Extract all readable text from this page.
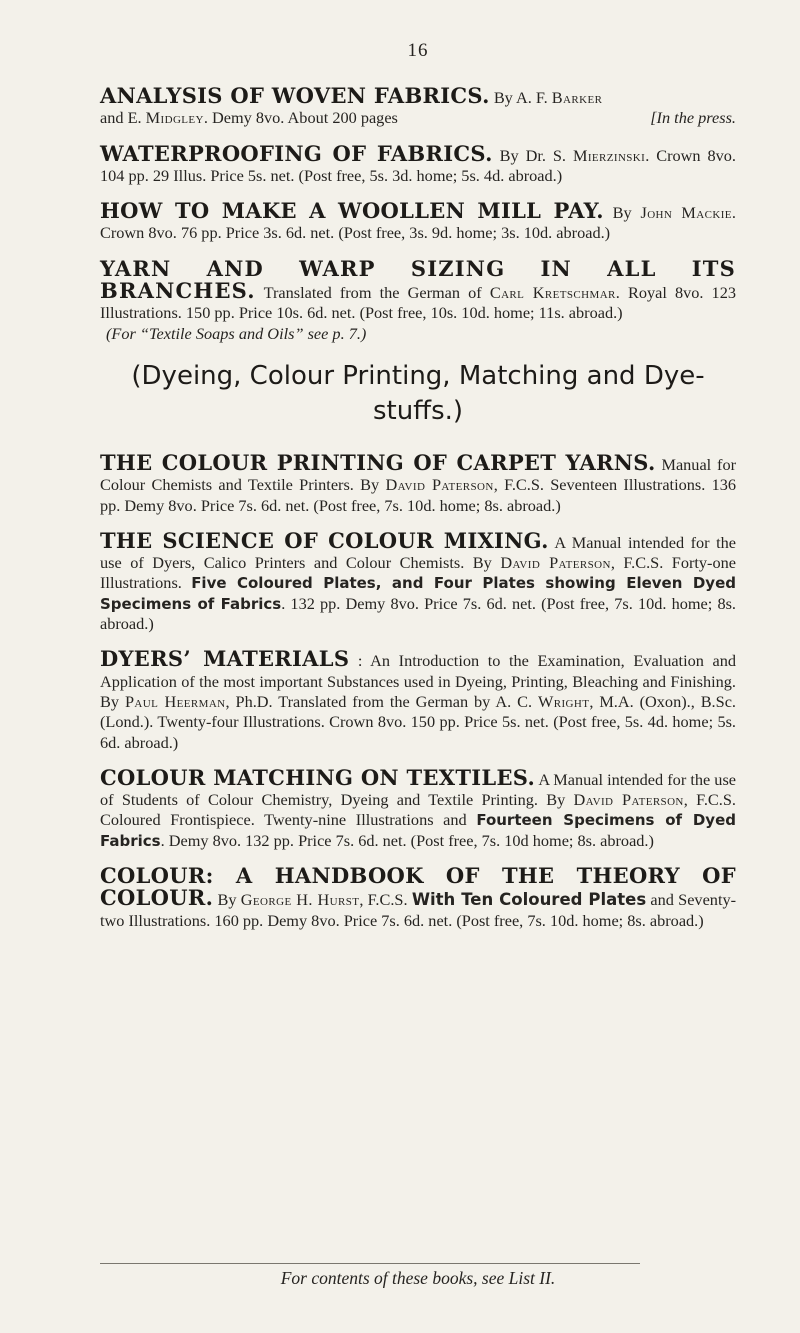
16

ANALYSIS OF WOVEN FABRICS. By A. F. Barker
and E. Midgley. Demy 8vo. About 200 pages	[In the press.

WATERPROOFING OF FABRICS. By Dr. S. Mierzinski. Crown 8vo. 104 pp. 29 Illus. Price 5s. net. (Post free, 5s. 3d. home; 5s. 4d. abroad.)

HOW TO MAKE A WOOLLEN MILL PAY. By John Mackie. Crown 8vo. 76 pp. Price 3s. 6d. net. (Post free, 3s. 9d. home; 3s. 10d. abroad.)

YARN AND WARP SIZING IN ALL ITS BRANCHES. Translated from the German of Carl Kretschmar. Royal 8vo. 123 Illustrations. 150 pp. Price 10s. 6d. net. (Post free, 10s. 10d. home; 11s. abroad.)
(For “Textile Soaps and Oils” see p. 7.)

(Dyeing, Colour Printing, Matching and Dye-stuffs.)

THE COLOUR PRINTING OF CARPET YARNS. Manual for Colour Chemists and Textile Printers. By David Paterson, F.C.S. Seventeen Illustrations. 136 pp. Demy 8vo. Price 7s. 6d. net. (Post free, 7s. 10d. home; 8s. abroad.)

THE SCIENCE OF COLOUR MIXING. A Manual intended for the use of Dyers, Calico Printers and Colour Chemists. By David Paterson, F.C.S. Forty-one Illustrations. Five Coloured Plates, and Four Plates showing Eleven Dyed Specimens of Fabrics. 132 pp. Demy 8vo. Price 7s. 6d. net. (Post free, 7s. 10d. home; 8s. abroad.)

DYERS’ MATERIALS : An Introduction to the Examination, Evaluation and Application of the most important Substances used in Dyeing, Printing, Bleaching and Finishing. By Paul Heerman, Ph.D. Translated from the German by A. C. Wright, M.A. (Oxon)., B.Sc. (Lond.). Twenty-four Illustrations. Crown 8vo. 150 pp. Price 5s. net. (Post free, 5s. 4d. home; 5s. 6d. abroad.)

COLOUR MATCHING ON TEXTILES. A Manual intended for the use of Students of Colour Chemistry, Dyeing and Textile Printing. By David Paterson, F.C.S. Coloured Frontispiece. Twenty-nine Illustrations and Fourteen Specimens of Dyed Fabrics. Demy 8vo. 132 pp. Price 7s. 6d. net. (Post free, 7s. 10d home; 8s. abroad.)

COLOUR: A HANDBOOK OF THE THEORY OF COLOUR. By George H. Hurst, F.C.S. With Ten Coloured Plates and Seventy-two Illustrations. 160 pp. Demy 8vo. Price 7s. 6d. net. (Post free, 7s. 10d. home; 8s. abroad.)

For contents of these books, see List II.
